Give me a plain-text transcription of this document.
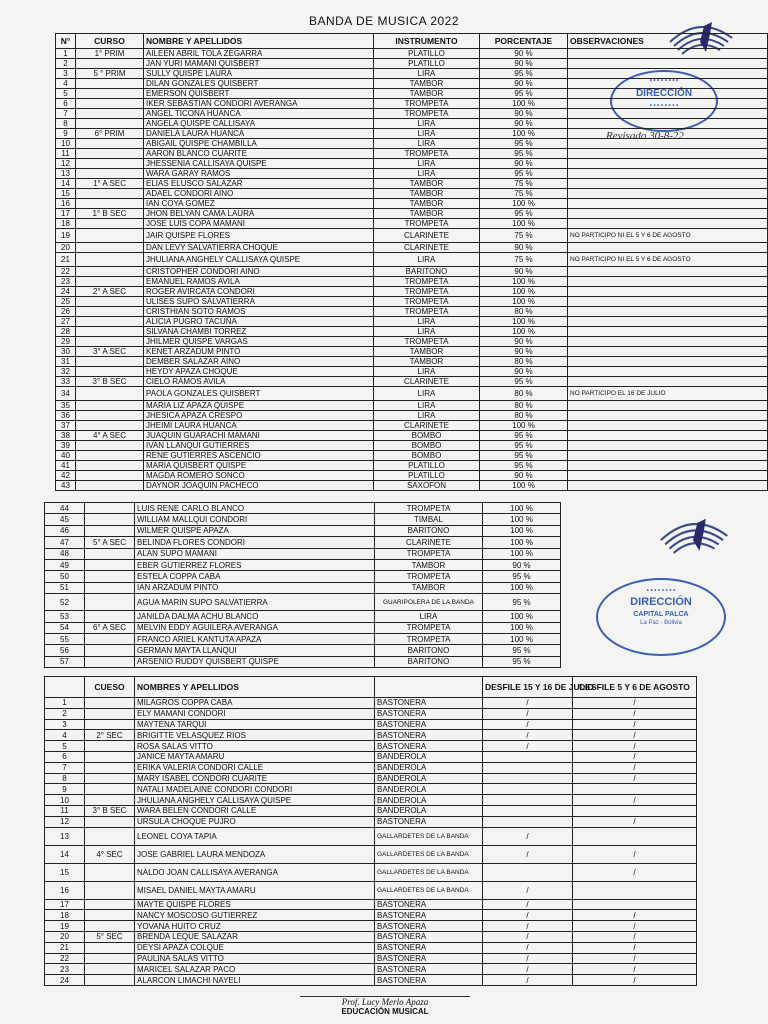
BANDA DE MUSICA 2022
• • • • • • • •
DIRECCIÓN
• • • • • • • •
Revisado 30-8-22
• • • • • • • •
DIRECCIÓN
CAPITAL PALCA
La Paz - Bolivia
N°	CURSO	NOMBRE Y APELLIDOS	INSTRUMENTO	PORCENTAJE	OBSERVACIONES
1	1° PRIM	AILEEN ABRIL TOLA ZEGARRA	PLATILLO	90 %	
2		JAN YURI MAMANI QUISBERT	PLATILLO	90 %	
3	5 ° PRIM	SULLY QUISPE LAURA	LIRA	95 %	
4		DILAN GONZALES QUISBERT	TAMBOR	90 %	
5		EMERSON QUISBERT	TAMBOR	95 %	
6		IKER SEBASTIAN CONDORI AVERANGA	TROMPETA	100 %	
7		ANGEL TICONA HUANCA	TROMPETA	90 %	
8		ANGELA QUISPE CALLISAYA	LIRA	90 %	
9	6° PRIM	DANIELA LAURA HUANCA	LIRA	100 %	
10		ABIGAIL QUISPE CHAMBILLA	LIRA	95 %	
11		AARON BLANCO CUARITE	TROMPETA	95 %	
12		JHESSENIA CALLISAYA QUISPE	LIRA	90 %	
13		WARA GARAY RAMOS	LIRA	95 %	
14	1° A SEC	ELIAS ELUSCO SALAZAR	TAMBOR	75 %	
15		ADAEL CONDORI AINO	TAMBOR	75 %	
16		IAN COYA GOMEZ	TAMBOR	100 %	
17	1° B SEC	JHON BELYAN CAMA LAURA	TAMBOR	95 %	
18		JOSE LUIS COPA MAMANI	TROMPETA	100 %	
19		JAIR QUISPE FLORES	CLARINETE	75 %	NO PARTICIPO NI EL 5 Y 6 DE AGOSTO
20		DAN LEVY SALVATIERRA CHOQUE	CLARINETE	90 %	
21		JHULIANA ANGHELY CALLISAYA QUISPE	LIRA	75 %	NO PARTICIPO NI EL 5 Y 6 DE AGOSTO
22		CRISTOPHER CONDORI AINO	BARITONO	90 %	
23		EMANUEL RAMOS AVILA	TROMPETA	100 %	
24	2° A SEC	ROGER AVIRCATA CONDORI	TROMPETA	100 %	
25		ULISES SUPO SALVATIERRA	TROMPETA	100 %	
26		CRISTHIAN SOTO RAMOS	TROMPETA	80 %	
27		ALICIA PUGRO TACUÑA	LIRA	100 %	
28		SILVANA CHAMBI TORREZ	LIRA	100 %	
29		JHILMER QUISPE VARGAS	TROMPETA	90 %	
30	3° A SEC	KENET ARZADUM PINTO	TAMBOR	90 %	
31		DEMBER SALAZAR AINO	TAMBOR	80 %	
32		HEYDY APAZA CHOQUE	LIRA	90 %	
33	3° B SEC	CIELO RAMOS AVILA	CLARINETE	95 %	
34		PAOLA GONZALES QUISBERT	LIRA	80 %	NO PARTICIPO EL 16 DE JULIO
35		MARIA LIZ APAZA QUISPE	LIRA	80 %	
36		JHESICA APAZA CRESPO	LIRA	80 %	
37		JHEIMI LAURA HUANCA	CLARINETE	100 %	
38	4° A SEC	JUAQUIN GUARACHI MAMANI	BOMBO	95 %	
39		IVAN LLANQUI GUTIERRES	BOMBO	95 %	
40		RENE GUTIERRES ASCENCIO	BOMBO	95 %	
41		MARIA QUISBERT QUISPE	PLATILLO	95 %	
42		MAGDA ROMERO SONCO	PLATILLO	90 %	
43		DAYNOR JOAQUIN PACHECO	SAXOFON	100 %	
44		LUIS RENE CARLO BLANCO	TROMPETA	100 %
45		WILLIAM MALLQUI CONDORI	TIMBAL	100 %
46		WILMER QUISPE APAZA	BARITONO	100 %
47	5° A SEC	BELINDA FLORES CONDORI	CLARINETE	100 %
48		ALAN SUPO MAMANI	TROMPETA	100 %
49		EBER GUTIERREZ FLORES	TAMBOR	90 %
50		ESTELA COPPA CABA	TROMPETA	95 %
51		IAN ARZADUM PINTO	TAMBOR	100 %
52		AGUA MARIN SUPO SALVATIERRA	GUARIPOLERA DE LA BANDA	95 %
53		JANILDA DALMA ACHU BLANCO	LIRA	100 %
54	6° A SEC	MELVIN EDDY AGUILERA AVERANGA	TROMPETA	100 %
55		FRANCO ARIEL KANTUTA APAZA	TROMPETA	100 %
56		GERMAN MAYTA LLANQUI	BARITONO	95 %
57		ARSENIO RUDDY QUISBERT QUISPE	BARITONO	95 %
	CUESO	NOMBRES Y APELLIDOS		DESFILE 15 Y 16 DE JULIO	DESFILE 5 Y 6 DE AGOSTO
1		MILAGROS COPPA CABA	BASTONERA	/	/
2		ELY MAMANI CONDORI	BASTONERA	/	/
3		MAYTENA TARQUI	BASTONERA	/	/
4	2° SEC	BRIGITTE VELASQUEZ RIOS	BASTONERA	/	/
5		ROSA SALAS VITTO	BASTONERA	/	/
6		JANICE MAYTA AMARU	BANDEROLA		/
7		ERIKA VALERIA CONDORI CALLE	BANDEROLA		/
8		MARY ISABEL CONDORI CUARITE	BANDEROLA		/
9		NATALI MADELAINE CONDORI CONDORI	BANDEROLA		
10		JHULIANA ANGHELY CALLISAYA QUISPE	BANDEROLA		/
11	3° B SEC	WARA BELEN CONDORI CALLE	BANDEROLA		
12		URSULA CHOQUE PUJRO	BASTONERA		/
13		LEONEL COYA TAPIA	GALLARDETES DE LA BANDA	/	
14	4° SEC	JOSE GABRIEL LAURA MENDOZA	GALLARDETES DE LA BANDA	/	/
15		NALDO JOAN CALLISAYA AVERANGA	GALLARDETES DE LA BANDA		/
16		MISAEL DANIEL MAYTA AMARU	GALLARDETES DE LA BANDA	/	
17		MAYTE QUISPE FLORES	BASTONERA	/	
18		NANCY MOSCOSO GUTIERREZ	BASTONERA	/	/
19		YOVANA HUITO CRUZ	BASTONERA	/	/
20	5° SEC	BRENDA LEQUE SALAZAR	BASTONERA	/	/
21		DEYSI APAZA COLQUE	BASTONERA	/	/
22		PAULINA SALAS VITTO	BASTONERA	/	/
23		MARICEL SALAZAR PACO	BASTONERA	/	/
24		ALARCON LIMACHI NAYELI	BASTONERA	/	/
Prof. Lucy Merlo Apaza
EDUCACIÓN MUSICAL
